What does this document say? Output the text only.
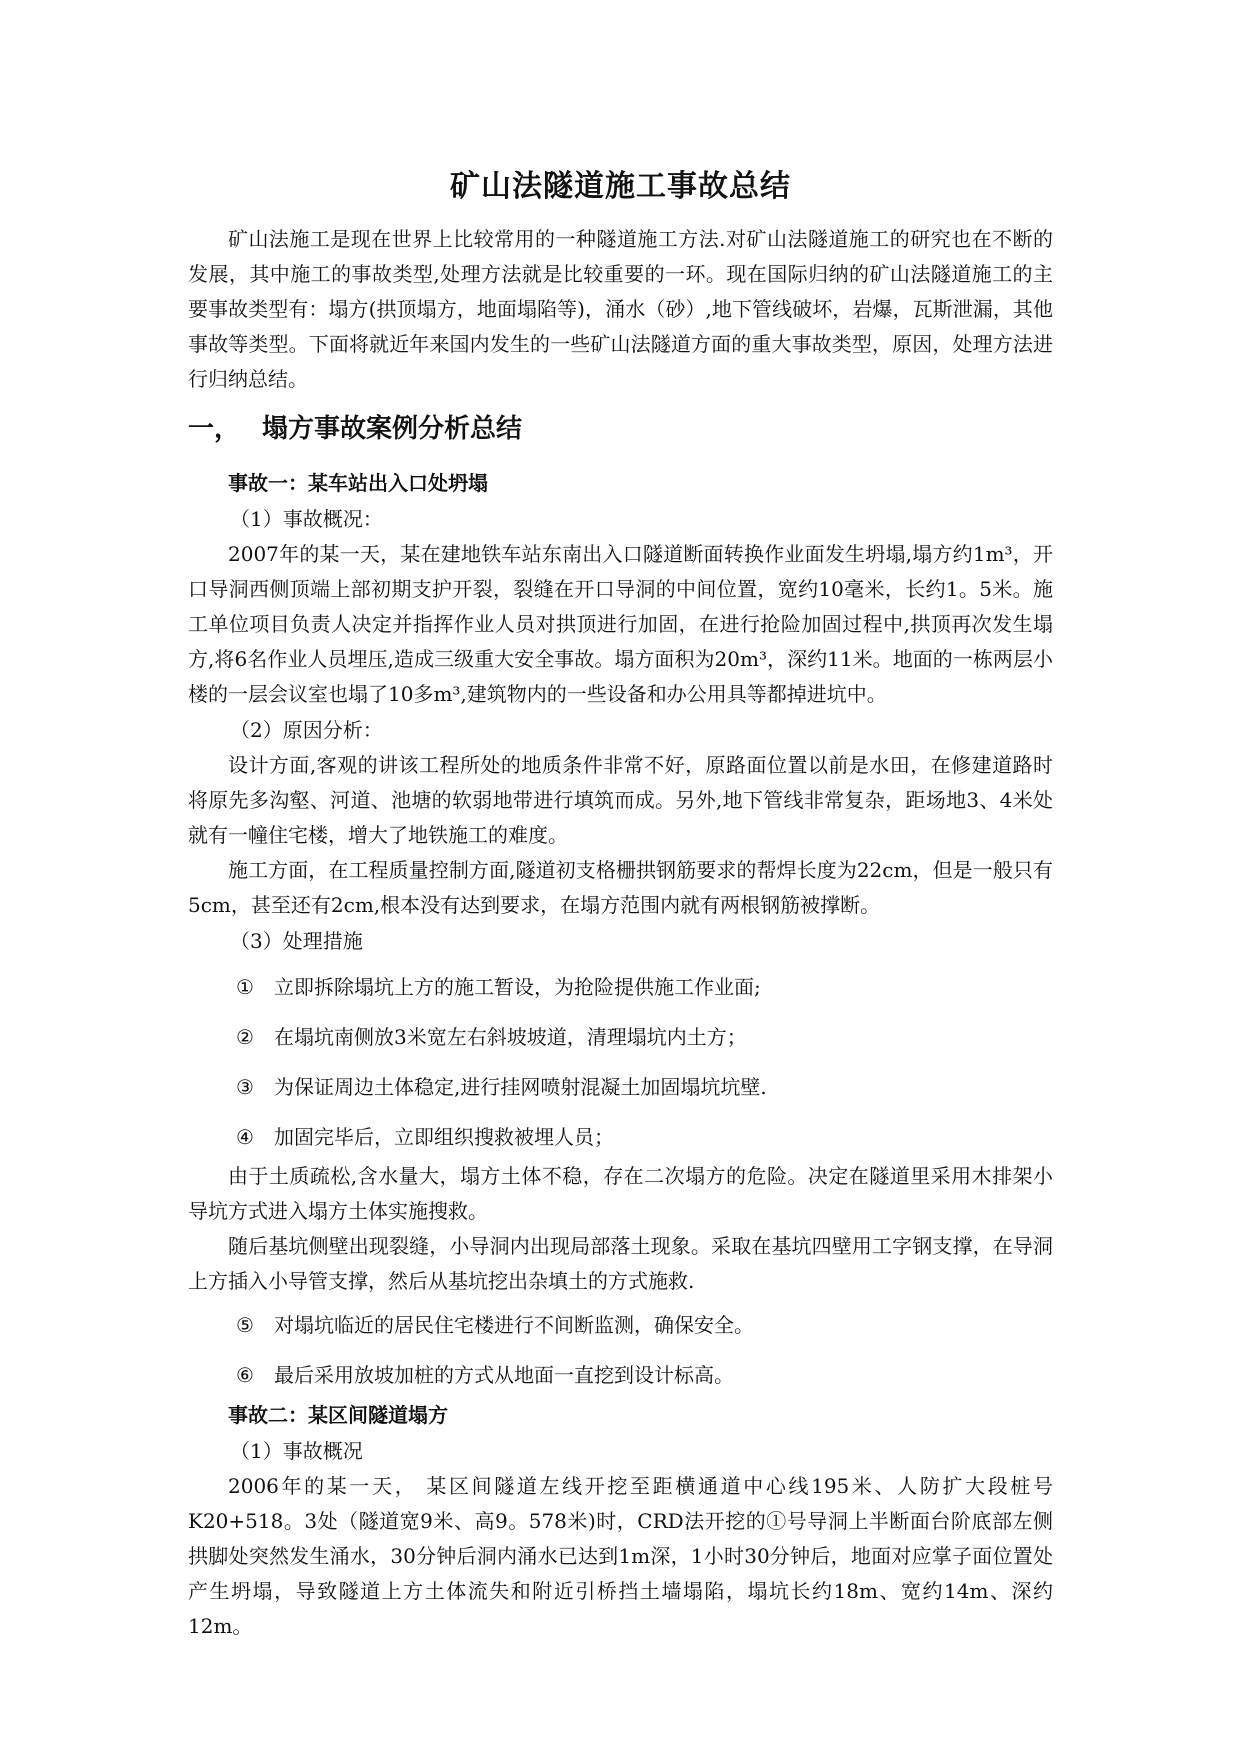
矿山法隧道施工事故总结

矿山法施工是现在世界上比较常用的一种隧道施工方法.对矿山法隧道施工的研究也在不断的发展，其中施工的事故类型,处理方法就是比较重要的一环。现在国际归纳的矿山法隧道施工的主要事故类型有：塌方(拱顶塌方，地面塌陷等)，涌水（砂）,地下管线破坏，岩爆，瓦斯泄漏，其他事故等类型。下面将就近年来国内发生的一些矿山法隧道方面的重大事故类型，原因，处理方法进行归纳总结。

一， 塌方事故案例分析总结

事故一：某车站出入口处坍塌

（1）事故概况：

2007年的某一天，某在建地铁车站东南出入口隧道断面转换作业面发生坍塌,塌方约1m³，开口导洞西侧顶端上部初期支护开裂，裂缝在开口导洞的中间位置，宽约10毫米，长约1。5米。施工单位项目负责人决定并指挥作业人员对拱顶进行加固，在进行抢险加固过程中,拱顶再次发生塌方,将6名作业人员埋压,造成三级重大安全事故。塌方面积为20m³，深约11米。地面的一栋两层小楼的一层会议室也塌了10多m³,建筑物内的一些设备和办公用具等都掉进坑中。

（2）原因分析：

设计方面,客观的讲该工程所处的地质条件非常不好，原路面位置以前是水田，在修建道路时将原先多沟壑、河道、池塘的软弱地带进行填筑而成。另外,地下管线非常复杂，距场地3、4米处就有一幢住宅楼，增大了地铁施工的难度。

施工方面，在工程质量控制方面,隧道初支格栅拱钢筋要求的帮焊长度为22cm，但是一般只有5cm，甚至还有2cm,根本没有达到要求，在塌方范围内就有两根钢筋被撑断。

（3）处理措施

① 立即拆除塌坑上方的施工暂设，为抢险提供施工作业面;

② 在塌坑南侧放3米宽左右斜坡坡道，清理塌坑内土方；

③ 为保证周边土体稳定,进行挂网喷射混凝土加固塌坑坑壁.

④ 加固完毕后，立即组织搜救被埋人员；

由于土质疏松,含水量大，塌方土体不稳，存在二次塌方的危险。决定在隧道里采用木排架小导坑方式进入塌方土体实施搜救。

随后基坑侧壁出现裂缝，小导洞内出现局部落土现象。采取在基坑四壁用工字钢支撑，在导洞上方插入小导管支撑，然后从基坑挖出杂填土的方式施救.

⑤ 对塌坑临近的居民住宅楼进行不间断监测，确保安全。

⑥ 最后采用放坡加桩的方式从地面一直挖到设计标高。

事故二：某区间隧道塌方

（1）事故概况

2006年的某一天， 某区间隧道左线开挖至距横通道中心线195米、人防扩大段桩号K20+518。3处（隧道宽9米、高9。578米)时，CRD法开挖的①号导洞上半断面台阶底部左侧拱脚处突然发生涌水，30分钟后洞内涌水已达到1m深，1小时30分钟后，地面对应掌子面位置处产生坍塌，导致隧道上方土体流失和附近引桥挡土墙塌陷，塌坑长约18m、宽约14m、深约12m。
